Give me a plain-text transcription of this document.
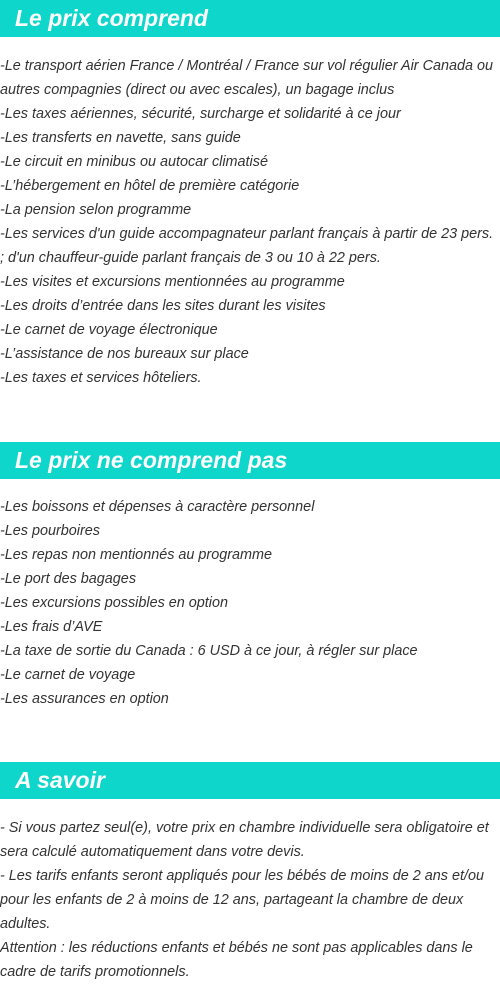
Le prix comprend

-Le transport aérien France / Montréal / France sur vol régulier Air Canada ou autres compagnies (direct ou avec escales), un bagage inclus

-Les taxes aériennes, sécurité, surcharge et solidarité à ce jour

-Les transferts en navette, sans guide

-Le circuit en minibus ou autocar climatisé

-L’hébergement en hôtel de première catégorie

-La pension selon programme

-Les services d'un guide accompagnateur parlant français à partir de 23 pers. ; d'un chauffeur-guide parlant français de 3 ou 10 à 22 pers.

-Les visites et excursions mentionnées au programme

-Les droits d’entrée dans les sites durant les visites

-Le carnet de voyage électronique

-L’assistance de nos bureaux sur place

-Les taxes et services hôteliers.

Le prix ne comprend pas

-Les boissons et dépenses à caractère personnel

-Les pourboires

-Les repas non mentionnés au programme

-Le port des bagages

-Les excursions possibles en option

-Les frais d’AVE

-La taxe de sortie du Canada : 6 USD à ce jour, à régler sur place

-Le carnet de voyage

-Les assurances en option

A savoir

- Si vous partez seul(e), votre prix en chambre individuelle sera obligatoire et sera calculé automatiquement dans votre devis.

- Les tarifs enfants seront appliqués pour les bébés de moins de 2 ans et/ou pour les enfants de 2 à moins de 12 ans, partageant la chambre de deux adultes.

Attention : les réductions enfants et bébés ne sont pas applicables dans le cadre de tarifs promotionnels.
